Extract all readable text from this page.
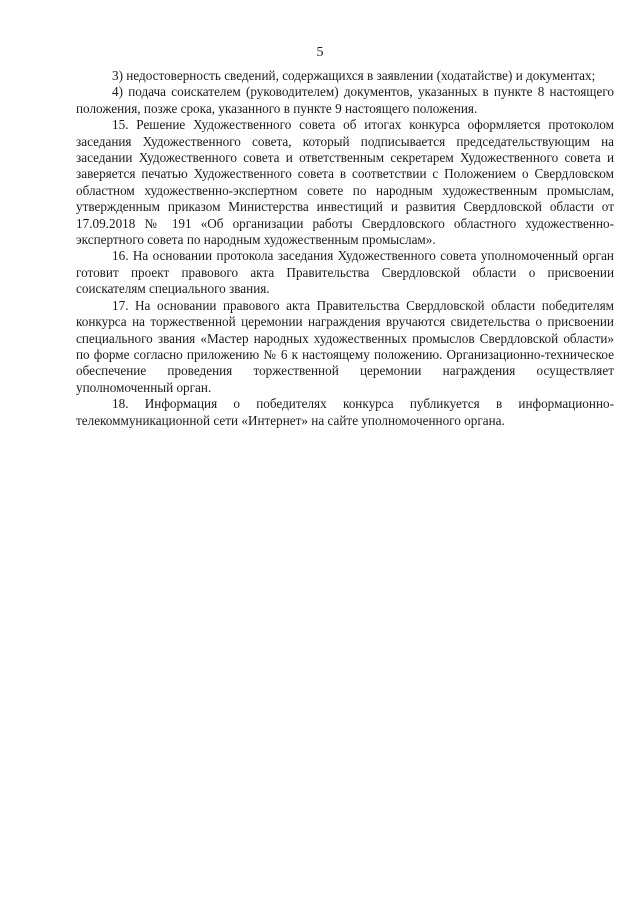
5

3) недостоверность сведений, содержащихся в заявлении (ходатайстве) и документах;

4) подача соискателем (руководителем) документов, указанных в пункте 8 настоящего положения, позже срока, указанного в пункте 9 настоящего положения.

15. Решение Художественного совета об итогах конкурса оформляется протоколом заседания Художественного совета, который подписывается председательствующим на заседании Художественного совета и ответственным секретарем Художественного совета и заверяется печатью Художественного совета в соответствии с Положением о Свердловском областном художественно-экспертном совете по народным художественным промыслам, утвержденным приказом Министерства инвестиций и развития Свердловской области от 17.09.2018 № 191 «Об организации работы Свердловского областного художественно-экспертного совета по народным художественным промыслам».

16. На основании протокола заседания Художественного совета уполномоченный орган готовит проект правового акта Правительства Свердловской области о присвоении соискателям специального звания.

17. На основании правового акта Правительства Свердловской области победителям конкурса на торжественной церемонии награждения вручаются свидетельства о присвоении специального звания «Мастер народных художественных промыслов Свердловской области» по форме согласно приложению № 6 к настоящему положению. Организационно-техническое обеспечение проведения торжественной церемонии награждения осуществляет уполномоченный орган.

18. Информация о победителях конкурса публикуется в информационно-телекоммуникационной сети «Интернет» на сайте уполномоченного органа.
